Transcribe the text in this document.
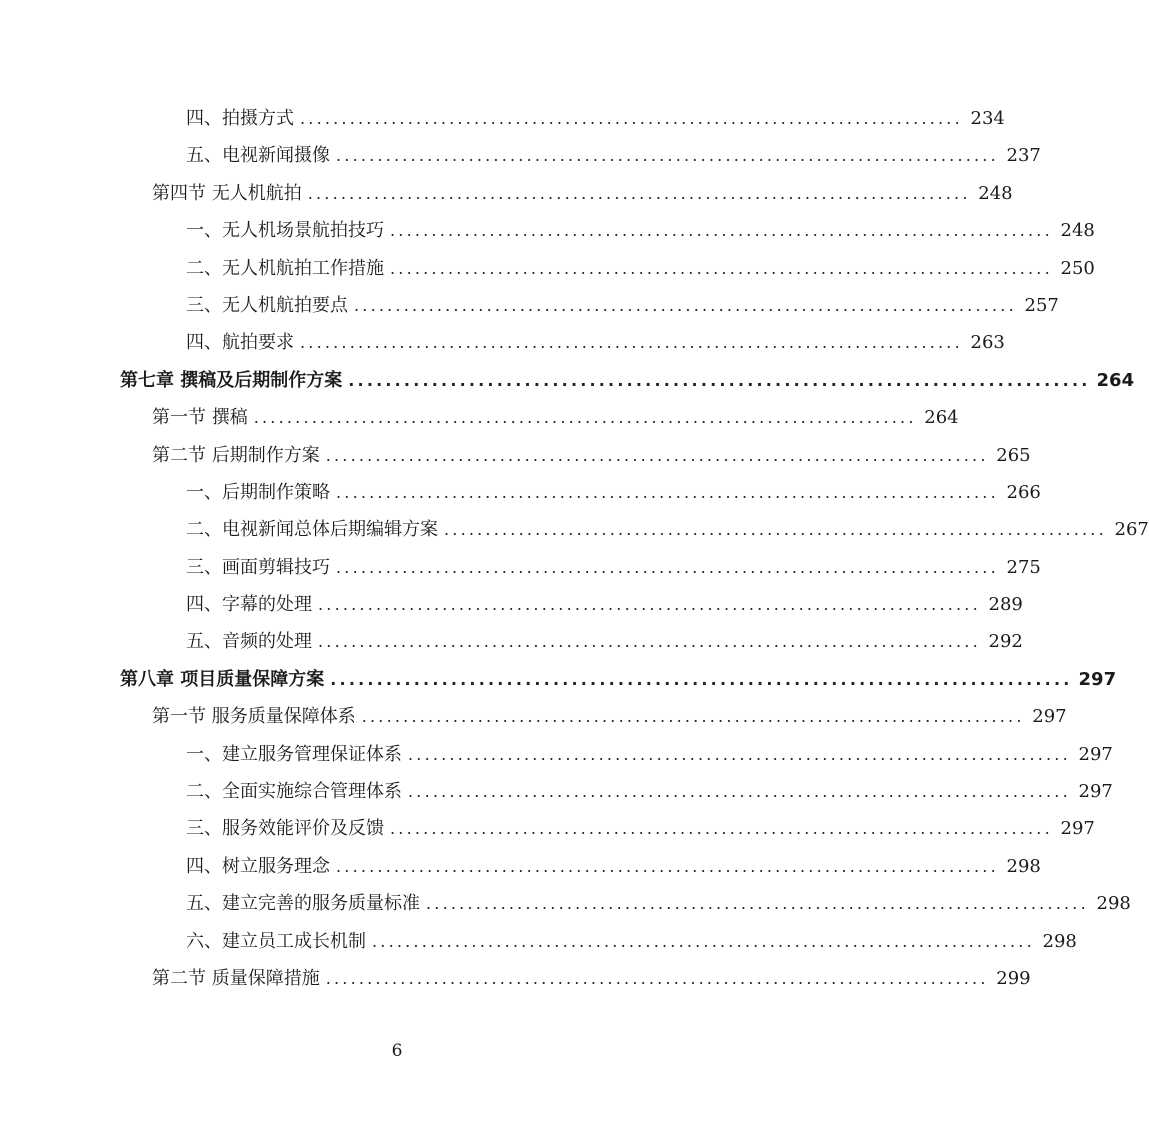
四、拍摄方式 ................................................................................ 234
五、电视新闻摄像 ................................................................................ 237
第四节 无人机航拍 ................................................................................ 248
一、无人机场景航拍技巧 ................................................................................ 248
二、无人机航拍工作措施 ................................................................................ 250
三、无人机航拍要点 ................................................................................ 257
四、航拍要求 ................................................................................ 263
第七章 撰稿及后期制作方案 ................................................................................ 264
第一节 撰稿 ................................................................................ 264
第二节 后期制作方案 ................................................................................ 265
一、后期制作策略 ................................................................................ 266
二、电视新闻总体后期编辑方案 ................................................................................ 267
三、画面剪辑技巧 ................................................................................ 275
四、字幕的处理 ................................................................................ 289
五、音频的处理 ................................................................................ 292
第八章 项目质量保障方案 ................................................................................ 297
第一节 服务质量保障体系 ................................................................................ 297
一、建立服务管理保证体系 ................................................................................ 297
二、全面实施综合管理体系 ................................................................................ 297
三、服务效能评价及反馈 ................................................................................ 297
四、树立服务理念 ................................................................................ 298
五、建立完善的服务质量标准 ................................................................................ 298
六、建立员工成长机制 ................................................................................ 298
第二节 质量保障措施 ................................................................................ 299
6
